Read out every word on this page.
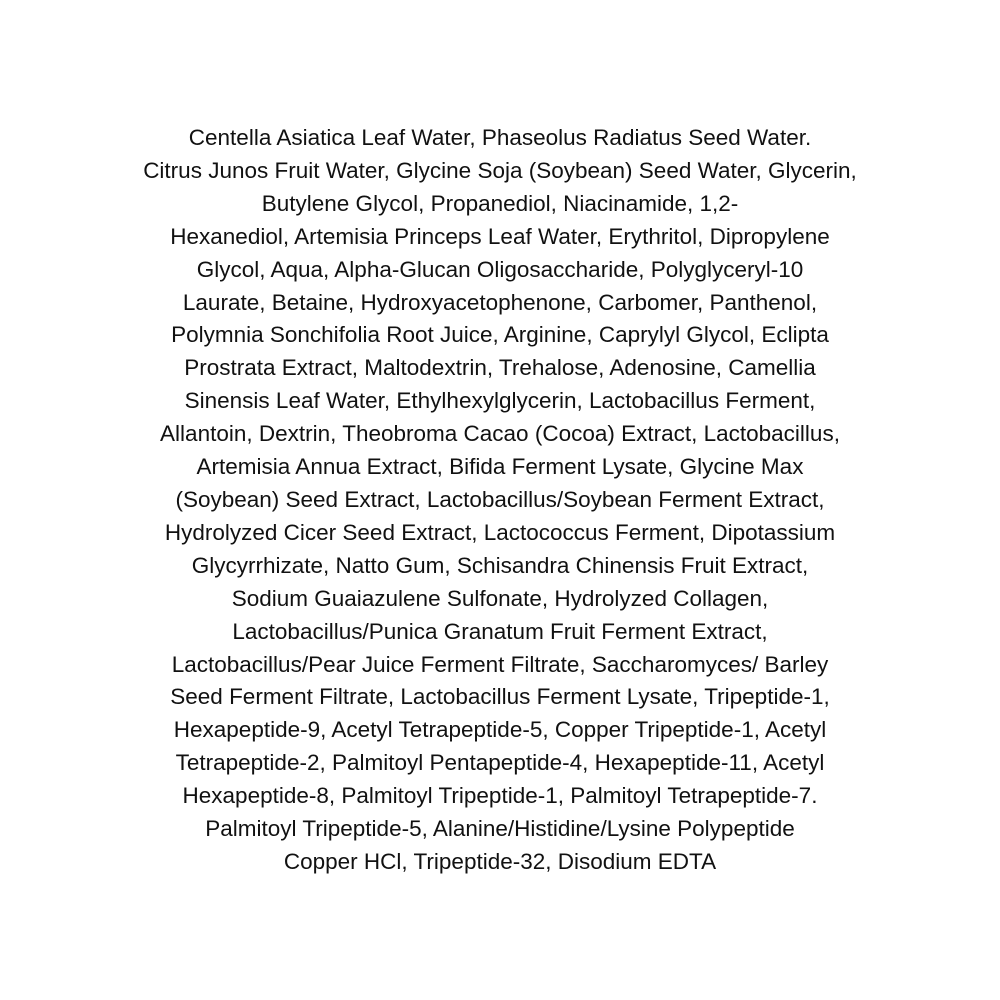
Centella Asiatica Leaf Water, Phaseolus Radiatus Seed Water.
Citrus Junos Fruit Water, Glycine Soja (Soybean) Seed Water, Glycerin,
Butylene Glycol, Propanediol, Niacinamide, 1,2-
Hexanediol, Artemisia Princeps Leaf Water, Erythritol, Dipropylene
Glycol, Aqua, Alpha-Glucan Oligosaccharide, Polyglyceryl-10
Laurate, Betaine, Hydroxyacetophenone, Carbomer, Panthenol,
Polymnia Sonchifolia Root Juice, Arginine, Caprylyl Glycol, Eclipta
Prostrata Extract, Maltodextrin, Trehalose, Adenosine, Camellia
Sinensis Leaf Water, Ethylhexylglycerin, Lactobacillus Ferment,
Allantoin, Dextrin, Theobroma Cacao (Cocoa) Extract, Lactobacillus,
Artemisia Annua Extract, Bifida Ferment Lysate, Glycine Max
(Soybean) Seed Extract, Lactobacillus/Soybean Ferment Extract,
Hydrolyzed Cicer Seed Extract, Lactococcus Ferment, Dipotassium
Glycyrrhizate, Natto Gum, Schisandra Chinensis Fruit Extract,
Sodium Guaiazulene Sulfonate, Hydrolyzed Collagen,
Lactobacillus/Punica Granatum Fruit Ferment Extract,
Lactobacillus/Pear Juice Ferment Filtrate, Saccharomyces/ Barley
Seed Ferment Filtrate, Lactobacillus Ferment Lysate, Tripeptide-1,
Hexapeptide-9, Acetyl Tetrapeptide-5, Copper Tripeptide-1, Acetyl
Tetrapeptide-2, Palmitoyl Pentapeptide-4, Hexapeptide-11, Acetyl
Hexapeptide-8, Palmitoyl Tripeptide-1, Palmitoyl Tetrapeptide-7.
Palmitoyl Tripeptide-5, Alanine/Histidine/Lysine Polypeptide
Copper HCl, Tripeptide-32, Disodium EDTA
